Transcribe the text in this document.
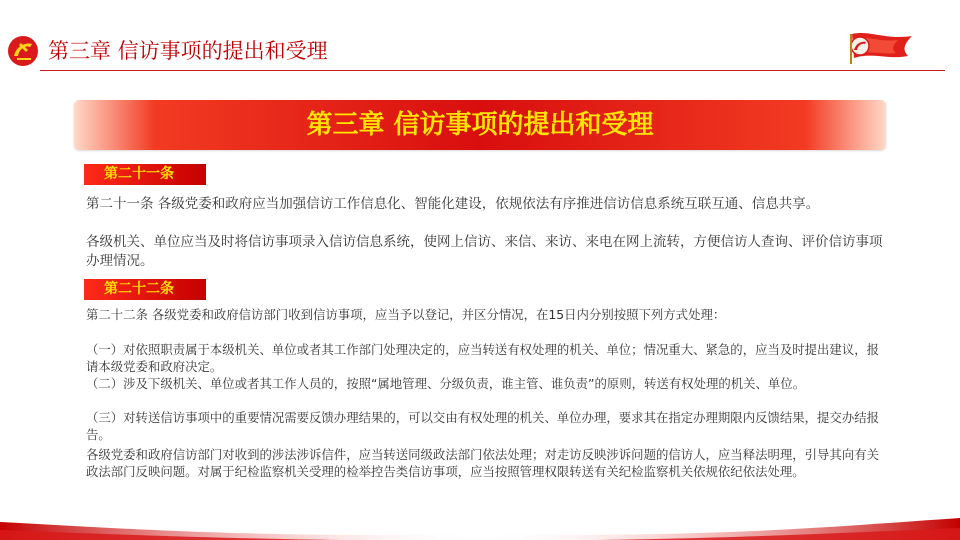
第三章 信访事项的提出和受理
第三章 信访事项的提出和受理
第二十一条

第二十一条 各级党委和政府应当加强信访工作信息化、智能化建设，依规依法有序推进信访信息系统互联互通、信息共享。

各级机关、单位应当及时将信访事项录入信访信息系统，使网上信访、来信、来访、来电在网上流转，方便信访人查询、评价信访事项办理情况。

第二十二条

第二十二条 各级党委和政府信访部门收到信访事项，应当予以登记，并区分情况，在15日内分别按照下列方式处理：

（一）对依照职责属于本级机关、单位或者其工作部门处理决定的，应当转送有权处理的机关、单位；情况重大、紧急的，应当及时提出建议，报请本级党委和政府决定。

（二）涉及下级机关、单位或者其工作人员的，按照“属地管理、分级负责，谁主管、谁负责”的原则，转送有权处理的机关、单位。

（三）对转送信访事项中的重要情况需要反馈办理结果的，可以交由有权处理的机关、单位办理，要求其在指定办理期限内反馈结果，提交办结报告。

各级党委和政府信访部门对收到的涉法涉诉信件，应当转送同级政法部门依法处理；对走访反映涉诉问题的信访人，应当释法明理，引导其向有关政法部门反映问题。对属于纪检监察机关受理的检举控告类信访事项，应当按照管理权限转送有关纪检监察机关依规依纪依法处理。
